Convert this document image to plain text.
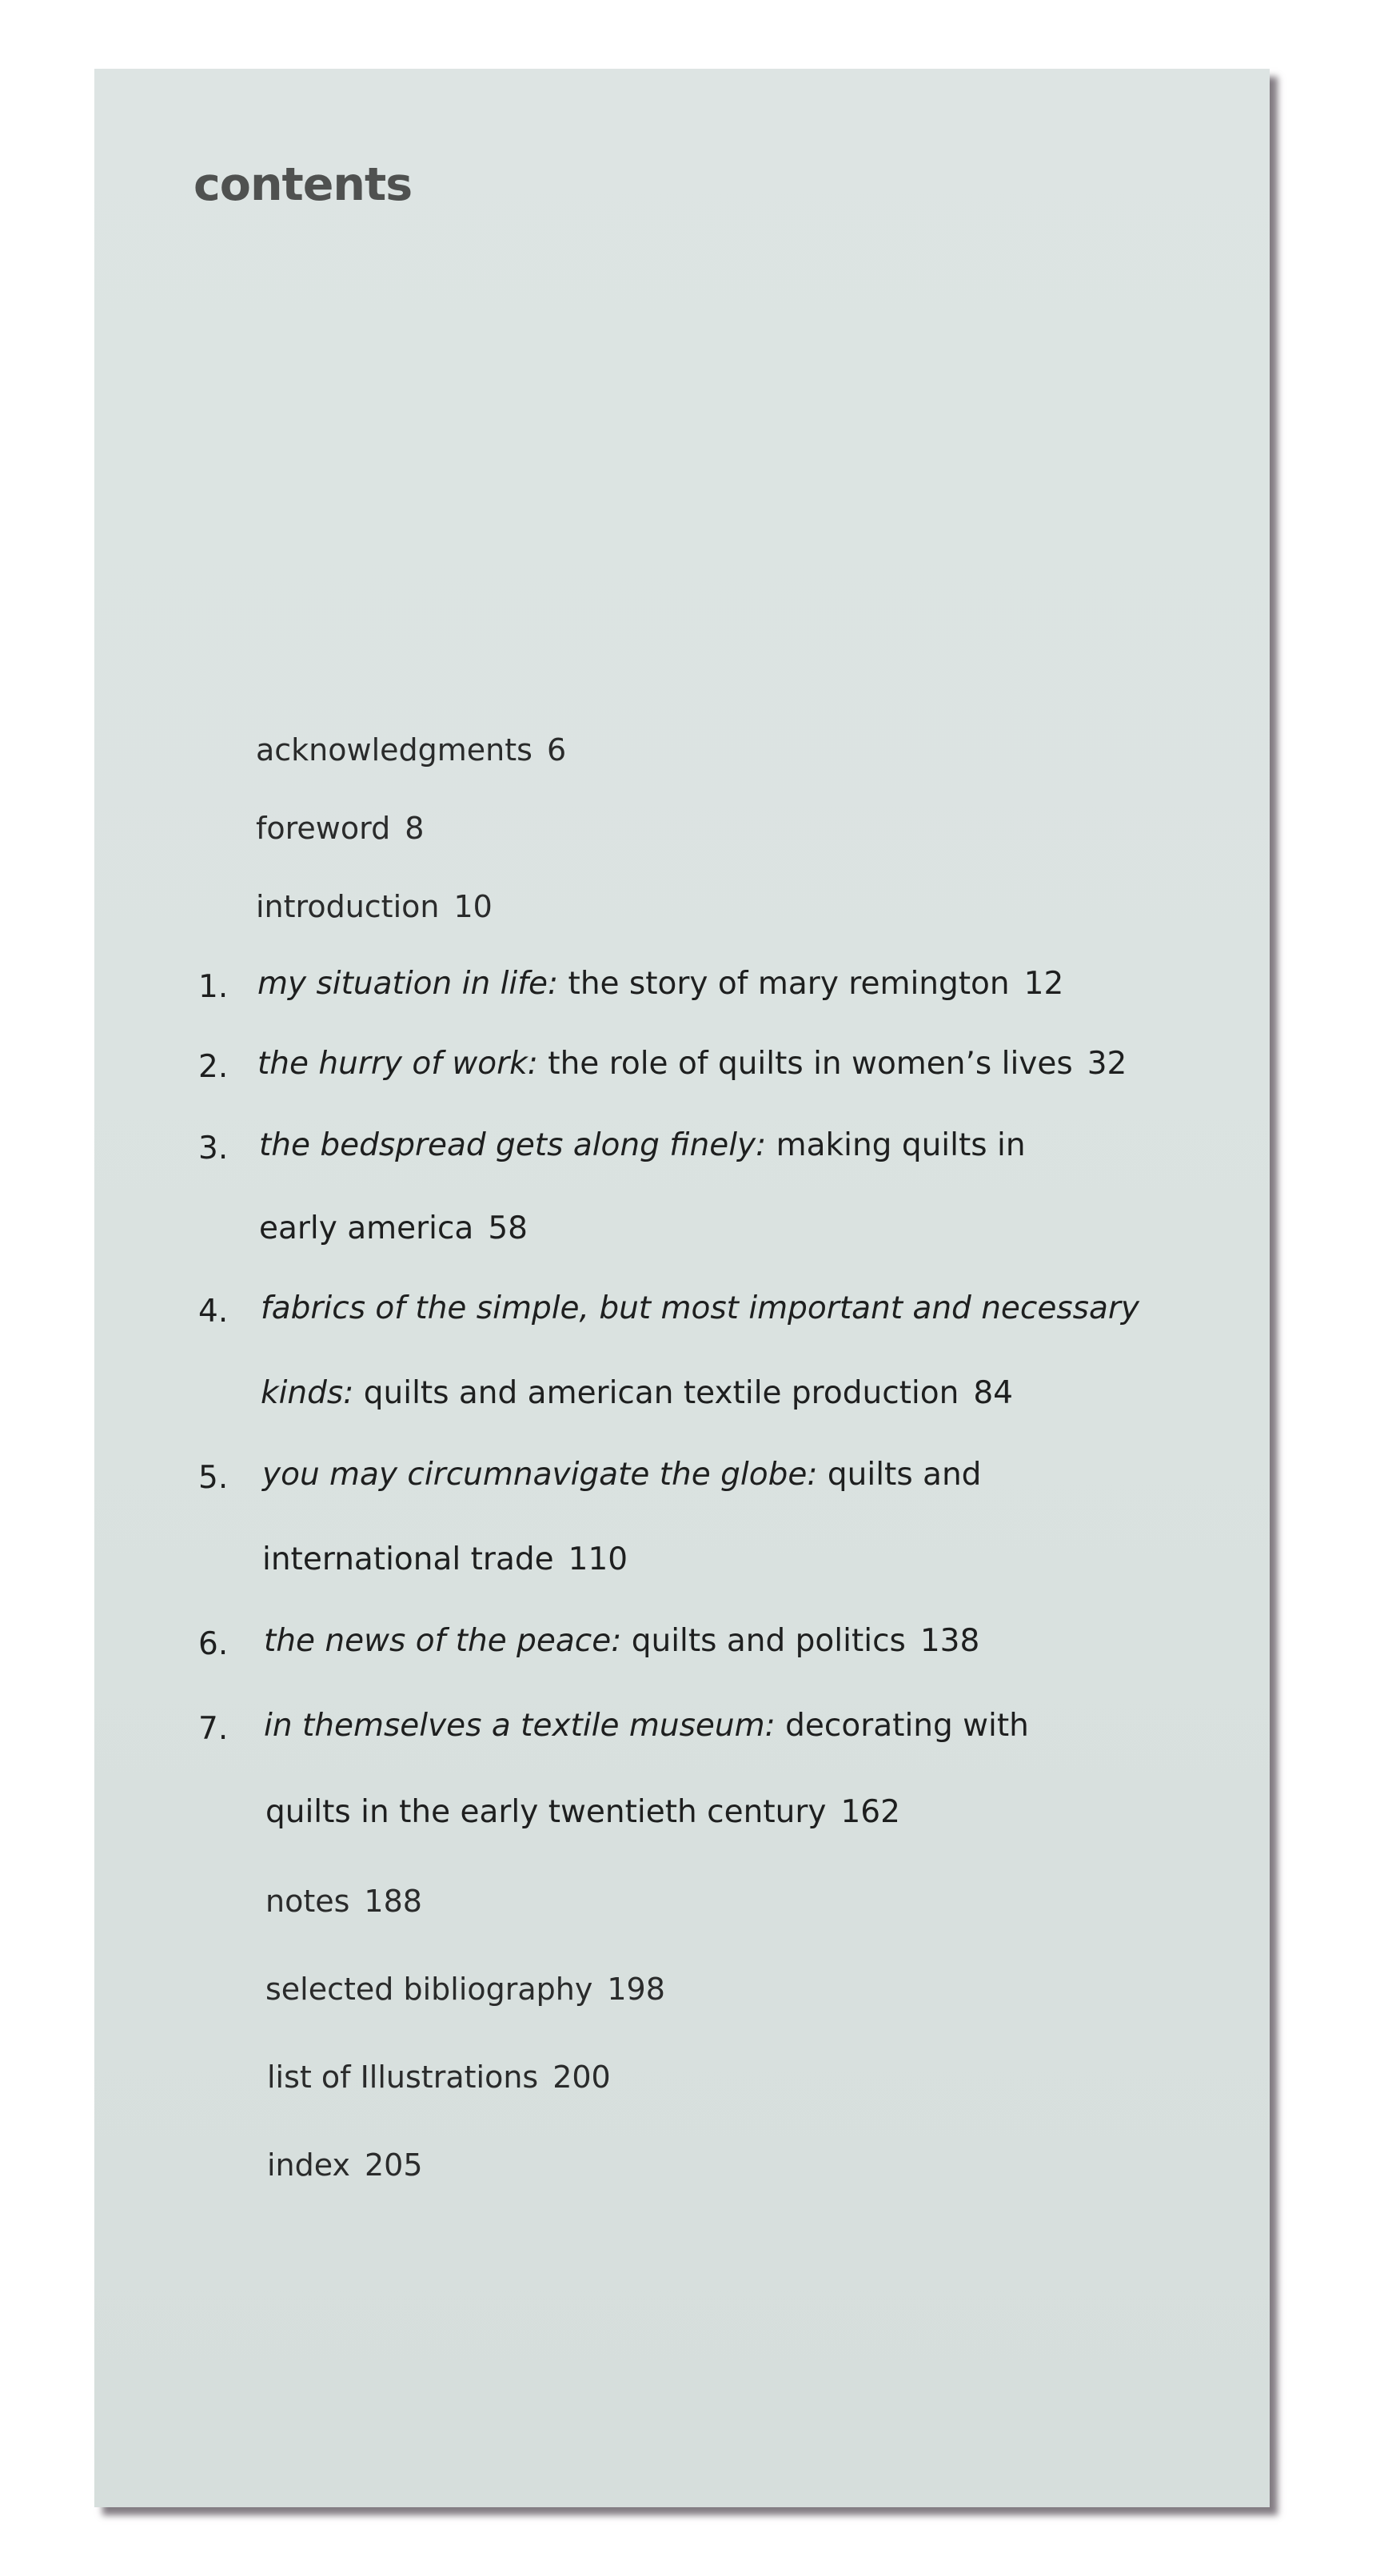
contents
acknowledgments 6
foreword 8
introduction 10
1. my situation in life: the story of mary remington 12
2. the hurry of work: the role of quilts in women’s lives 32
3. the bedspread gets along finely: making quilts in
early america 58
4. fabrics of the simple, but most important and necessary
kinds: quilts and american textile production 84
5. you may circumnavigate the globe: quilts and
international trade 110
6. the news of the peace: quilts and politics 138
7. in themselves a textile museum: decorating with
quilts in the early twentieth century 162
notes 188
selected bibliography 198
list of Illustrations 200
index 205
